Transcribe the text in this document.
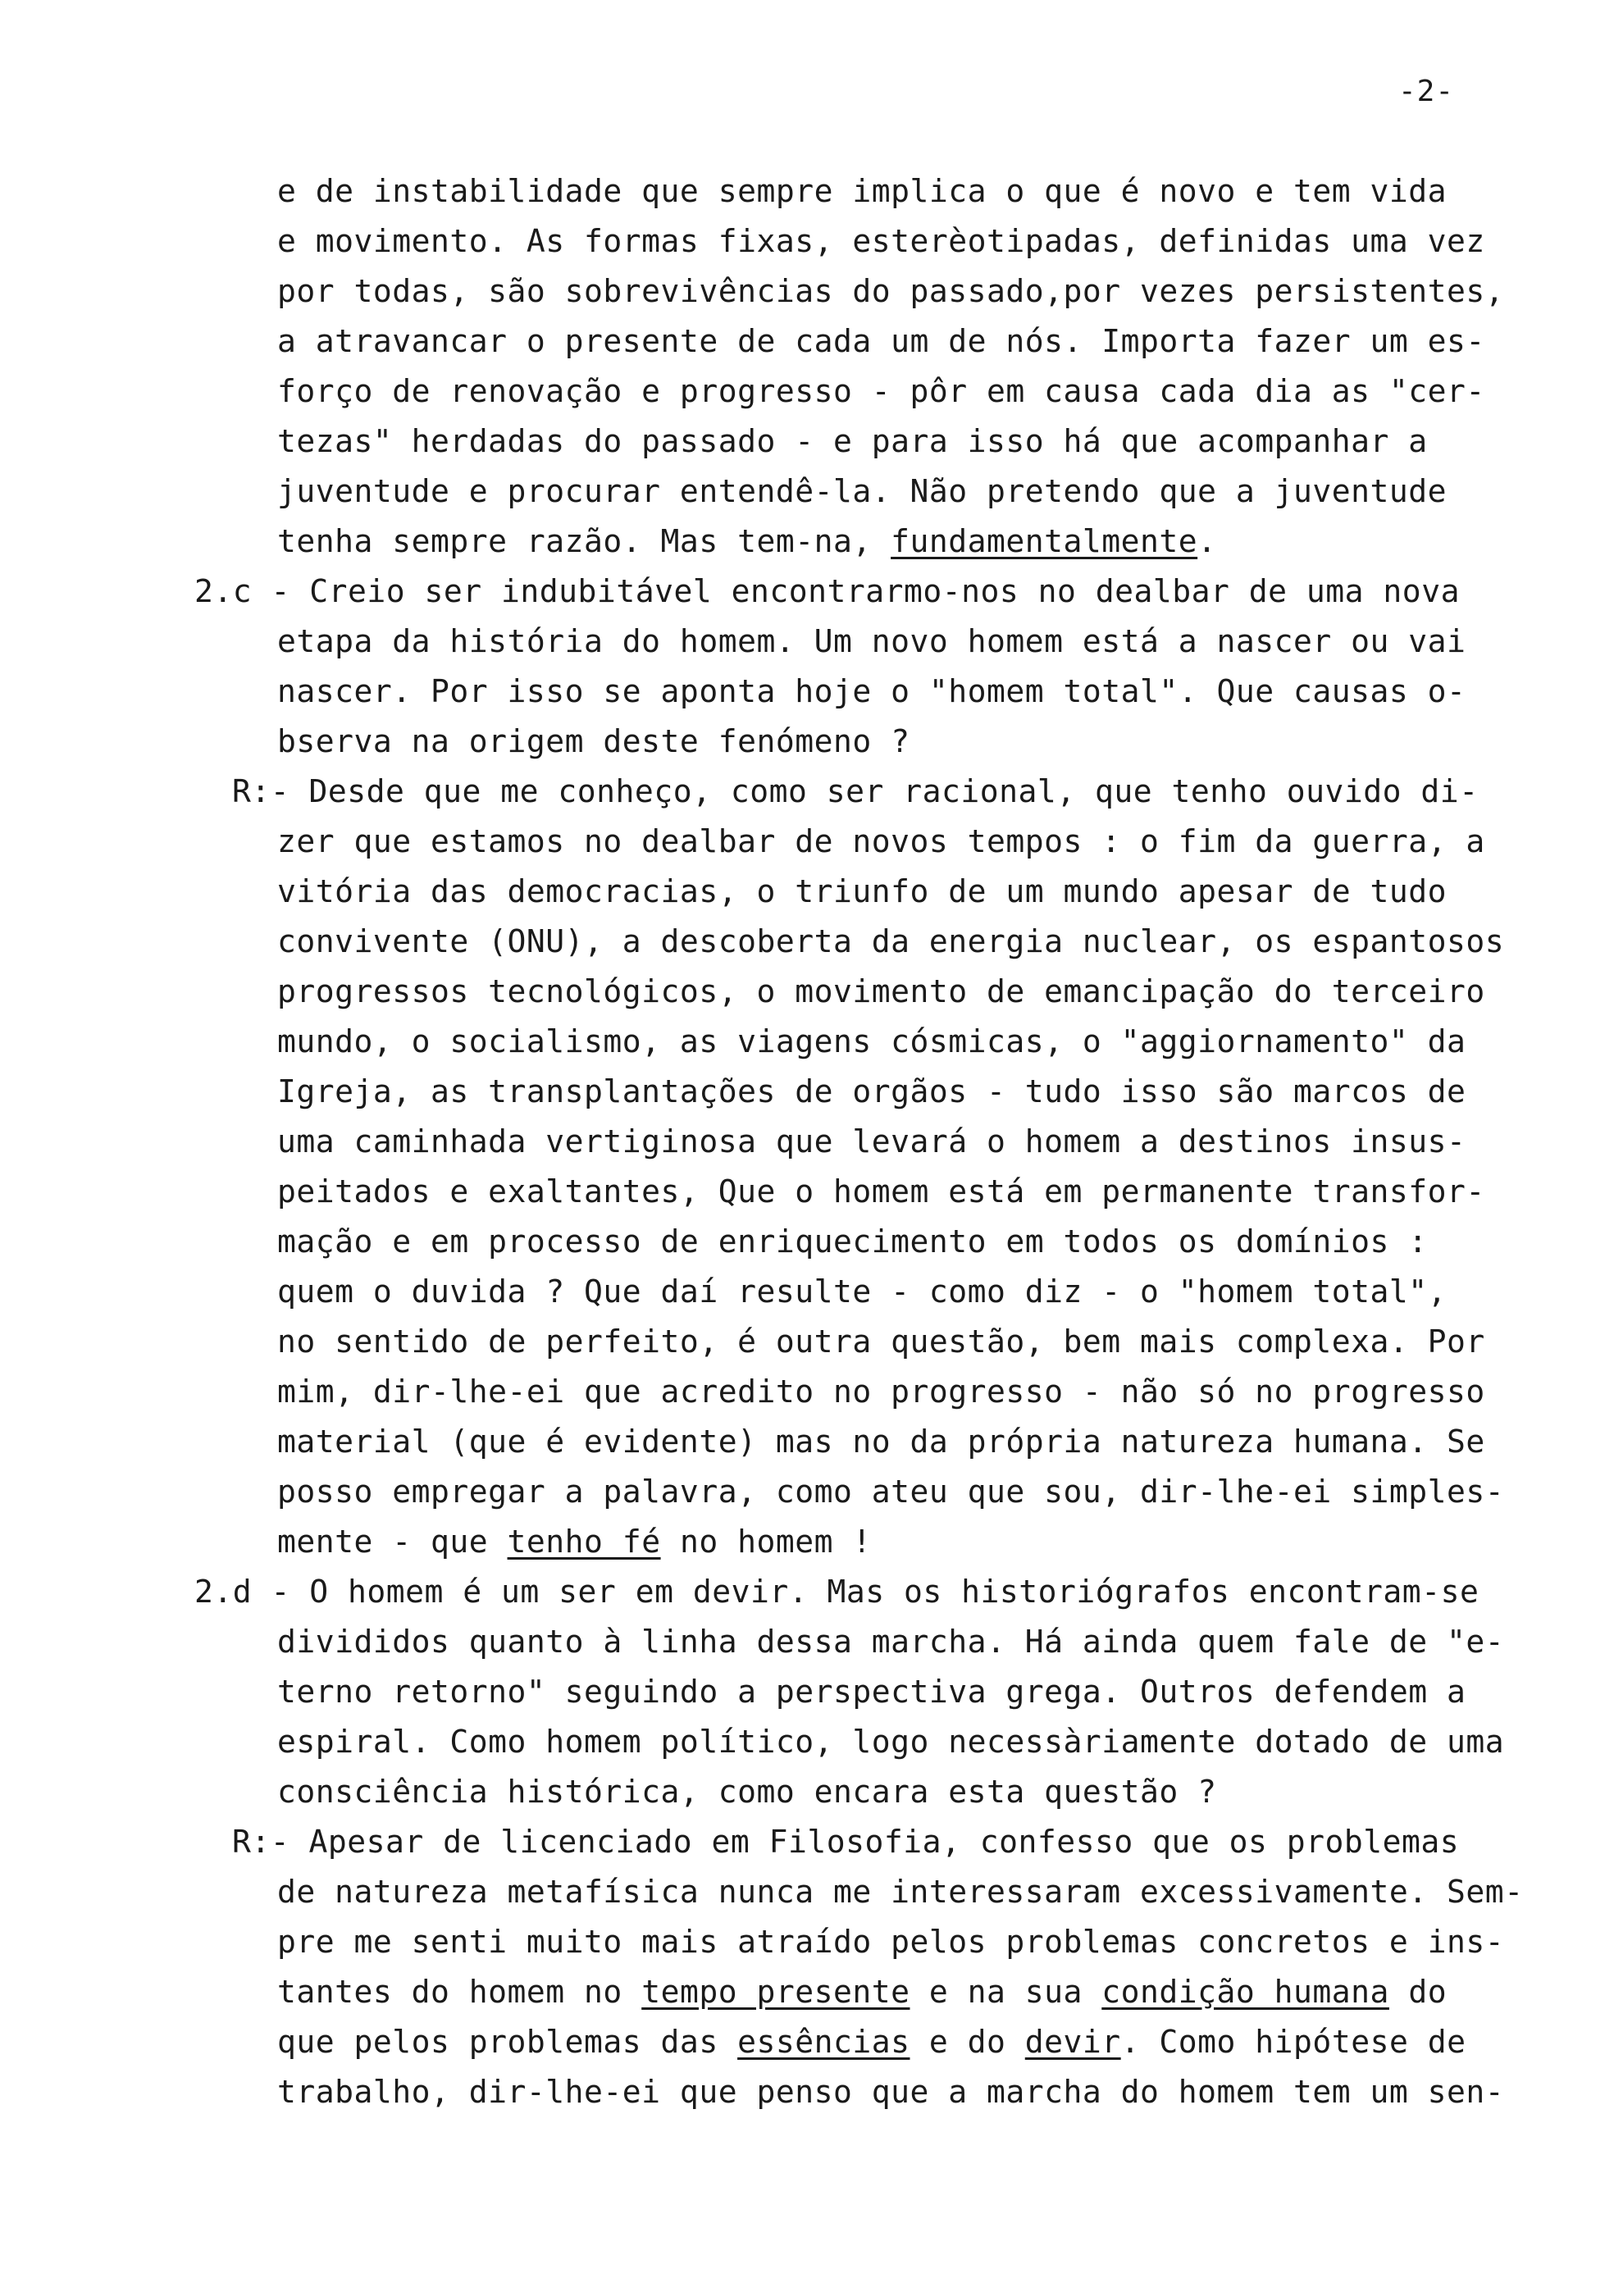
-2-
e de instabilidade que sempre implica o que é novo e tem vida
e movimento. As formas fixas, esterèotipadas, definidas uma vez
por todas, são sobrevivências do passado,por vezes persistentes,
a atravancar o presente de cada um de nós. Importa fazer um es-
forço de renovação e progresso - pôr em causa cada dia as "cer-
tezas" herdadas do passado - e para isso há que acompanhar a
juventude e procurar entendê-la. Não pretendo que a juventude
tenha sempre razão. Mas tem-na, fundamentalmente.
2.c - Creio ser indubitável encontrarmo-nos no dealbar de uma nova
etapa da história do homem. Um novo homem está a nascer ou vai
nascer. Por isso se aponta hoje o "homem total". Que causas o-
bserva na origem deste fenómeno ?
R:- Desde que me conheço, como ser racional, que tenho ouvido di-
zer que estamos no dealbar de novos tempos : o fim da guerra, a
vitória das democracias, o triunfo de um mundo apesar de tudo
convivente (ONU), a descoberta da energia nuclear, os espantosos
progressos tecnológicos, o movimento de emancipação do terceiro
mundo, o socialismo, as viagens cósmicas, o "aggiornamento" da
Igreja, as transplantações de orgãos - tudo isso são marcos de
uma caminhada vertiginosa que levará o homem a destinos insus-
peitados e exaltantes, Que o homem está em permanente transfor-
mação e em processo de enriquecimento em todos os domínios :
quem o duvida ? Que daí resulte - como diz - o "homem total",
no sentido de perfeito, é outra questão, bem mais complexa. Por
mim, dir-lhe-ei que acredito no progresso - não só no progresso
material (que é evidente) mas no da própria natureza humana. Se
posso empregar a palavra, como ateu que sou, dir-lhe-ei simples-
mente - que tenho fé no homem !
2.d - O homem é um ser em devir. Mas os historiógrafos encontram-se
divididos quanto à linha dessa marcha. Há ainda quem fale de "e-
terno retorno" seguindo a perspectiva grega. Outros defendem a
espiral. Como homem político, logo necessàriamente dotado de uma
consciência histórica, como encara esta questão ?
R:- Apesar de licenciado em Filosofia, confesso que os problemas
de natureza metafísica nunca me interessaram excessivamente. Sem-
pre me senti muito mais atraído pelos problemas concretos e ins-
tantes do homem no tempo presente e na sua condição humana do
que pelos problemas das essências e do devir. Como hipótese de
trabalho, dir-lhe-ei que penso que a marcha do homem tem um sen-
